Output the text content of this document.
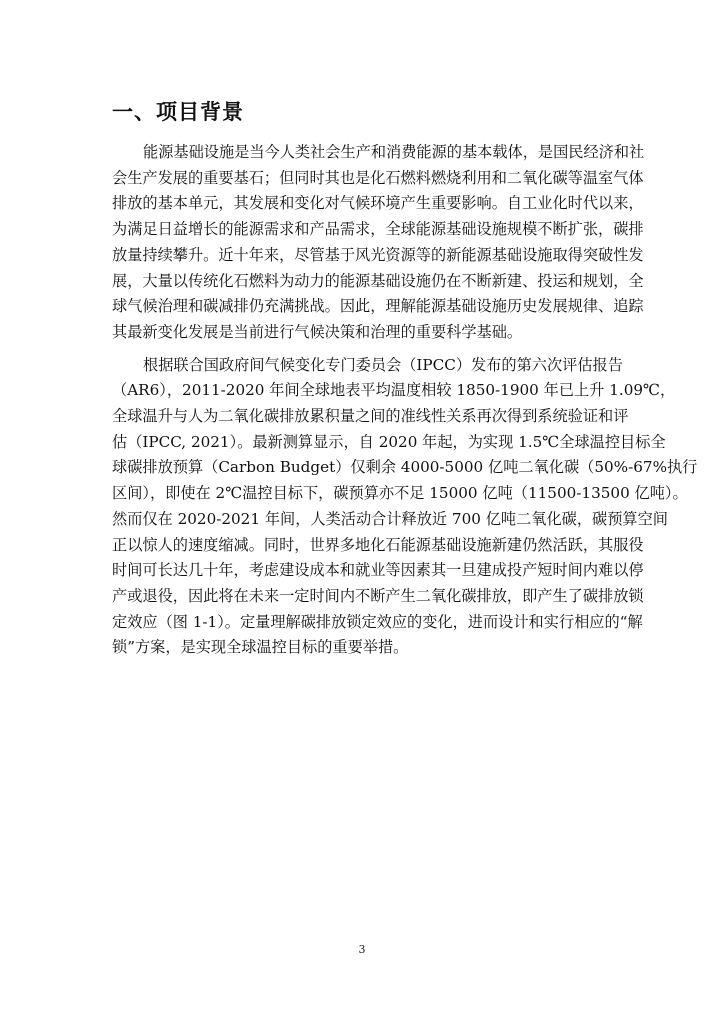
一、项目背景

能源基础设施是当今人类社会生产和消费能源的基本载体，是国民经济和社
会生产发展的重要基石；但同时其也是化石燃料燃烧利用和二氧化碳等温室气体
排放的基本单元，其发展和变化对气候环境产生重要影响。自工业化时代以来，
为满足日益增长的能源需求和产品需求，全球能源基础设施规模不断扩张，碳排
放量持续攀升。近十年来，尽管基于风光资源等的新能源基础设施取得突破性发
展，大量以传统化石燃料为动力的能源基础设施仍在不断新建、投运和规划，全
球气候治理和碳减排仍充满挑战。因此，理解能源基础设施历史发展规律、追踪
其最新变化发展是当前进行气候决策和治理的重要科学基础。

根据联合国政府间气候变化专门委员会（IPCC）发布的第六次评估报告
（AR6），2011-2020 年间全球地表平均温度相较 1850-1900 年已上升 1.09℃，
全球温升与人为二氧化碳排放累积量之间的准线性关系再次得到系统验证和评
估（IPCC, 2021）。最新测算显示，自 2020 年起，为实现 1.5℃全球温控目标全
球碳排放预算（Carbon Budget）仅剩余 4000-5000 亿吨二氧化碳（50%-67%执行
区间），即使在 2℃温控目标下，碳预算亦不足 15000 亿吨（11500-13500 亿吨）。
然而仅在 2020-2021 年间，人类活动合计释放近 700 亿吨二氧化碳，碳预算空间
正以惊人的速度缩减。同时，世界多地化石能源基础设施新建仍然活跃，其服役
时间可长达几十年，考虑建设成本和就业等因素其一旦建成投产短时间内难以停
产或退役，因此将在未来一定时间内不断产生二氧化碳排放，即产生了碳排放锁
定效应（图 1-1）。定量理解碳排放锁定效应的变化，进而设计和实行相应的“解
锁”方案，是实现全球温控目标的重要举措。

3
